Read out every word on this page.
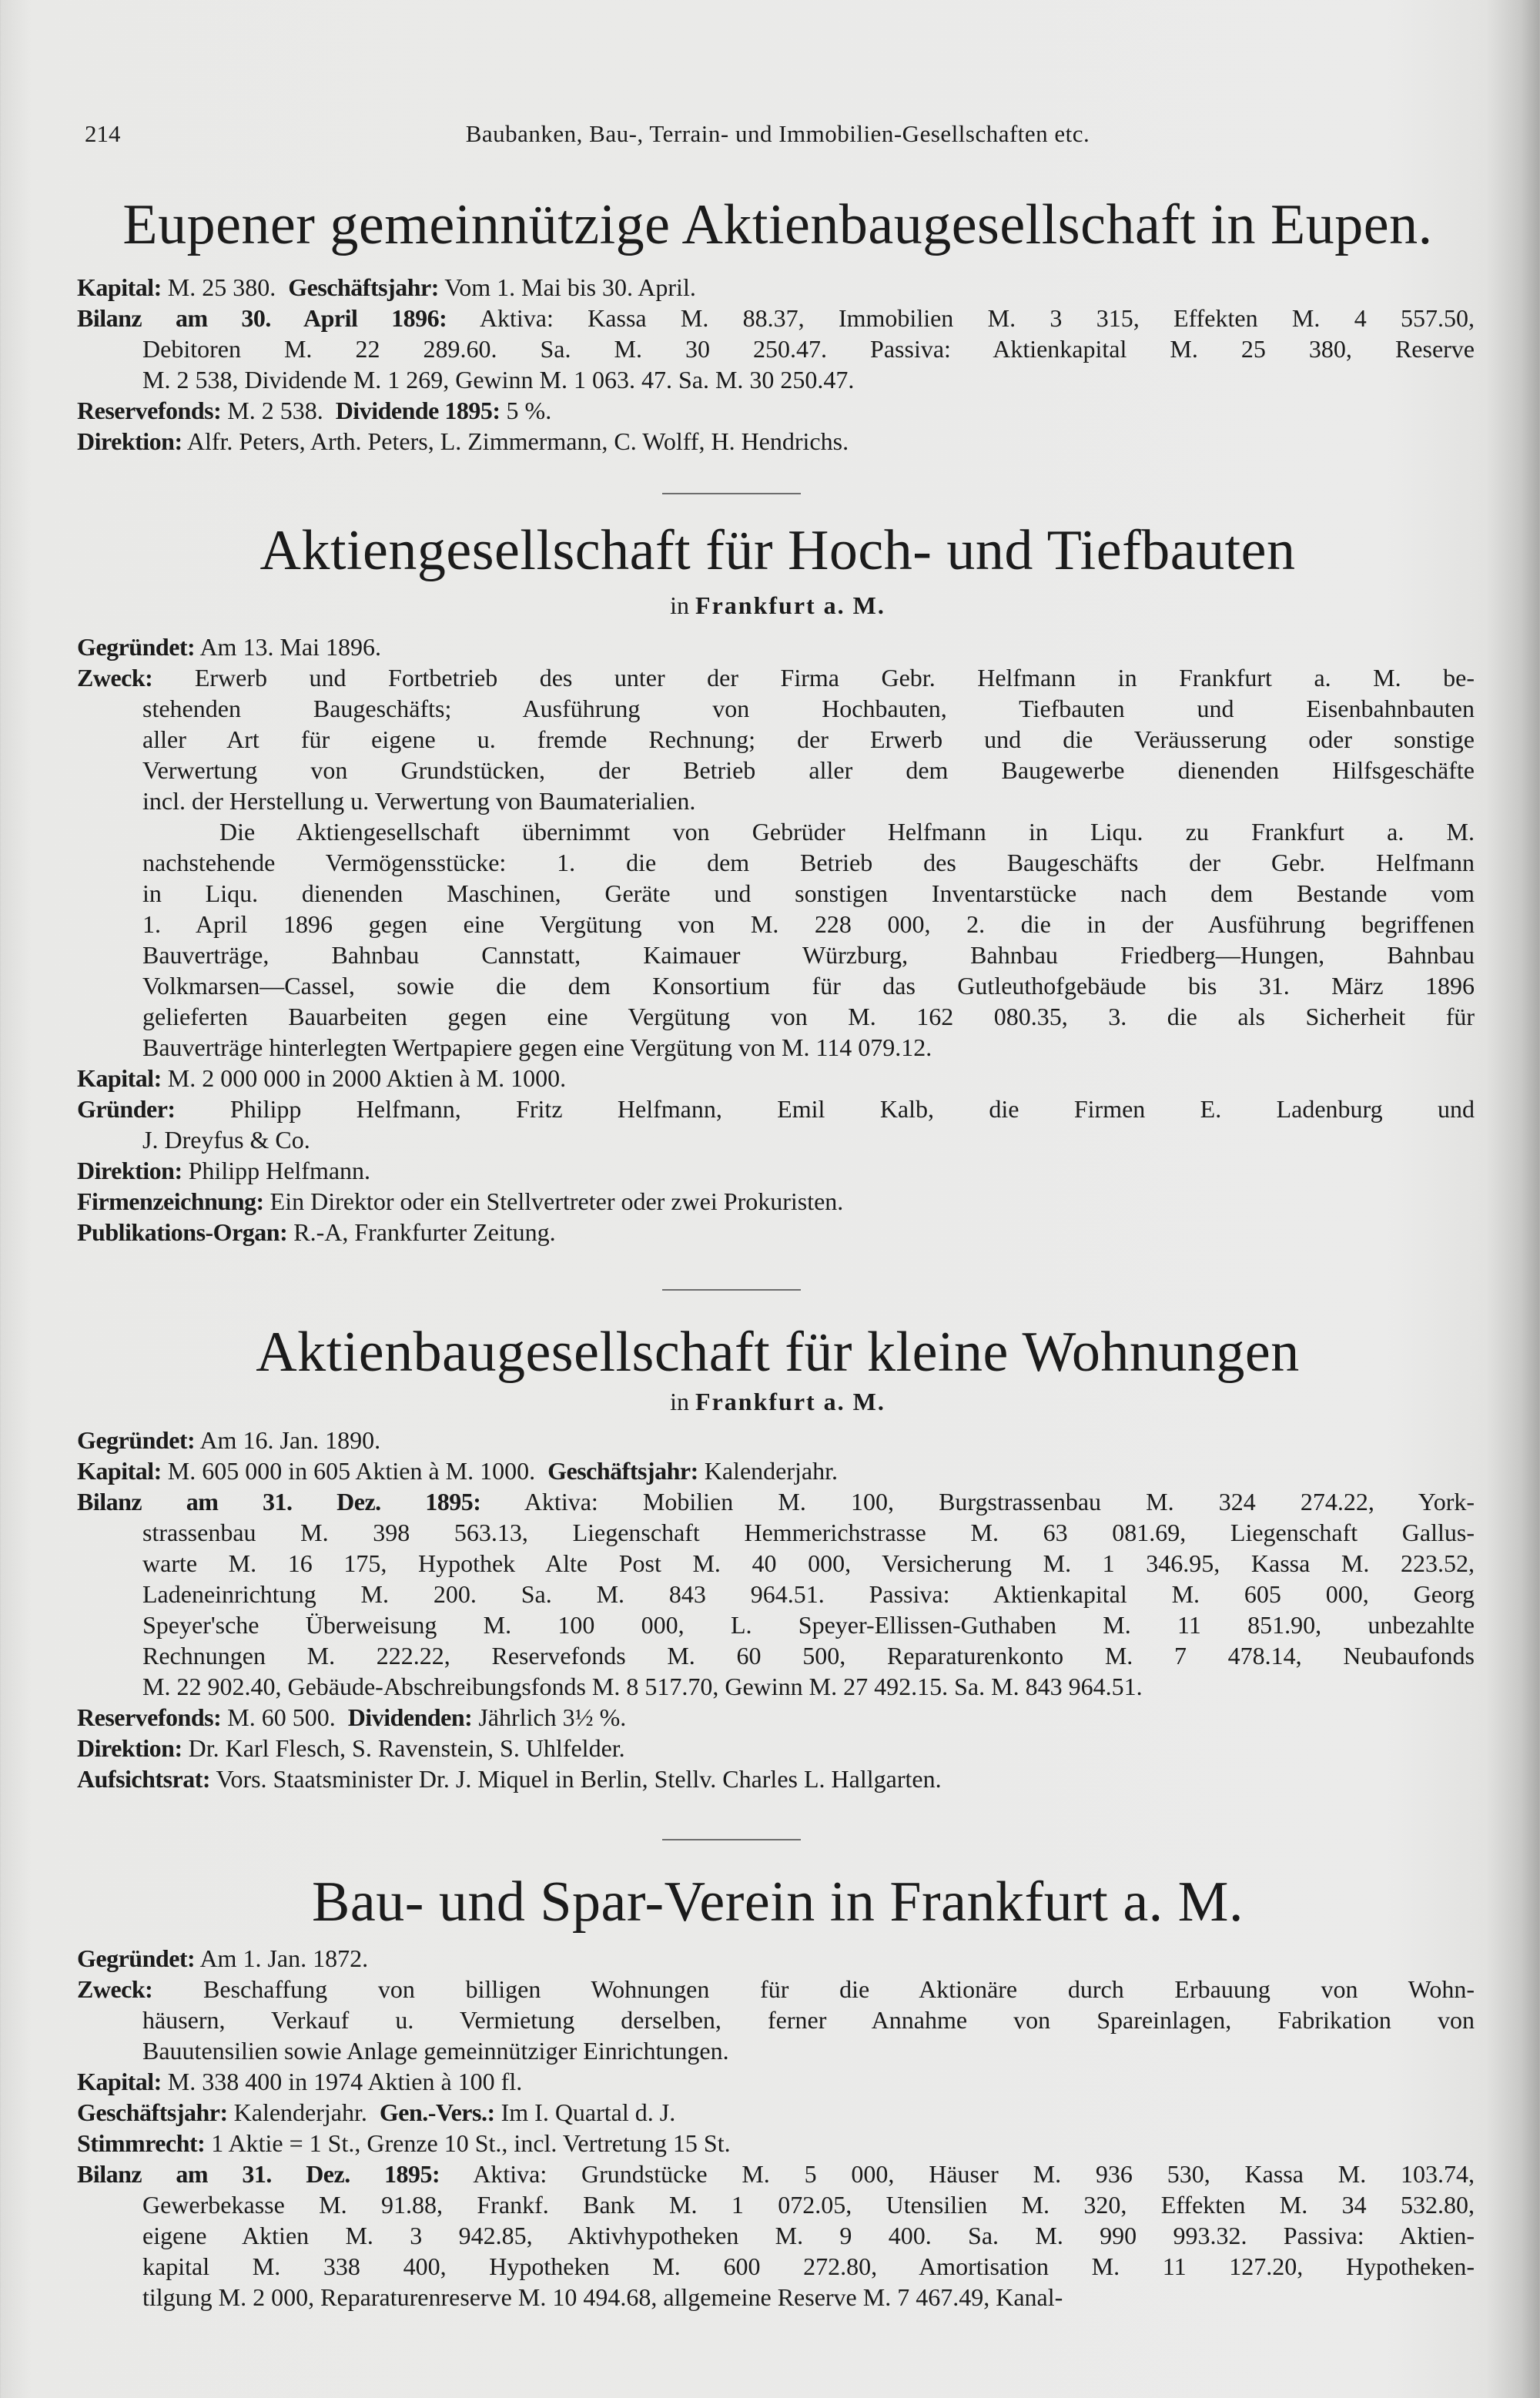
214	Baubanken, Bau-, Terrain- und Immobilien-Gesellschaften etc.
Eupener gemeinnützige Aktienbaugesellschaft in Eupen.
Kapital: M. 25 380.  Geschäftsjahr: Vom 1. Mai bis 30. April.
Bilanz am 30. April 1896: Aktiva: Kassa M. 88.37, Immobilien M. 3 315, Effekten M. 4 557.50,
Debitoren M. 22 289.60. Sa. M. 30 250.47. Passiva: Aktienkapital M. 25 380, Reserve
M. 2 538, Dividende M. 1 269, Gewinn M. 1 063. 47. Sa. M. 30 250.47.
Reservefonds: M. 2 538.  Dividende 1895: 5 %.
Direktion: Alfr. Peters, Arth. Peters, L. Zimmermann, C. Wolff, H. Hendrichs.
Aktiengesellschaft für Hoch- und Tiefbauten
in Frankfurt a. M.
Gegründet: Am 13. Mai 1896.
Zweck: Erwerb und Fortbetrieb des unter der Firma Gebr. Helfmann in Frankfurt a. M. be-
stehenden Baugeschäfts; Ausführung von Hochbauten, Tiefbauten und Eisenbahnbauten
aller Art für eigene u. fremde Rechnung; der Erwerb und die Veräusserung oder sonstige
Verwertung von Grundstücken, der Betrieb aller dem Baugewerbe dienenden Hilfsgeschäfte
incl. der Herstellung u. Verwertung von Baumaterialien.
Die Aktiengesellschaft übernimmt von Gebrüder Helfmann in Liqu. zu Frankfurt a. M.
nachstehende Vermögensstücke: 1. die dem Betrieb des Baugeschäfts der Gebr. Helfmann
in Liqu. dienenden Maschinen, Geräte und sonstigen Inventarstücke nach dem Bestande vom
1. April 1896 gegen eine Vergütung von M. 228 000, 2. die in der Ausführung begriffenen
Bauverträge, Bahnbau Cannstatt, Kaimauer Würzburg, Bahnbau Friedberg—Hungen, Bahnbau
Volkmarsen—Cassel, sowie die dem Konsortium für das Gutleuthofgebäude bis 31. März 1896
gelieferten Bauarbeiten gegen eine Vergütung von M. 162 080.35, 3. die als Sicherheit für
Bauverträge hinterlegten Wertpapiere gegen eine Vergütung von M. 114 079.12.
Kapital: M. 2 000 000 in 2000 Aktien à M. 1000.
Gründer: Philipp Helfmann, Fritz Helfmann, Emil Kalb, die Firmen E. Ladenburg und
J. Dreyfus & Co.
Direktion: Philipp Helfmann.
Firmenzeichnung: Ein Direktor oder ein Stellvertreter oder zwei Prokuristen.
Publikations-Organ: R.-A, Frankfurter Zeitung.
Aktienbaugesellschaft für kleine Wohnungen
in Frankfurt a. M.
Gegründet: Am 16. Jan. 1890.
Kapital: M. 605 000 in 605 Aktien à M. 1000.  Geschäftsjahr: Kalenderjahr.
Bilanz am 31. Dez. 1895: Aktiva: Mobilien M. 100, Burgstrassenbau M. 324 274.22, York-
strassenbau M. 398 563.13, Liegenschaft Hemmerichstrasse M. 63 081.69, Liegenschaft Gallus-
warte M. 16 175, Hypothek Alte Post M. 40 000, Versicherung M. 1 346.95, Kassa M. 223.52,
Ladeneinrichtung M. 200. Sa. M. 843 964.51. Passiva: Aktienkapital M. 605 000, Georg
Speyer'sche Überweisung M. 100 000, L. Speyer-Ellissen-Guthaben M. 11 851.90, unbezahlte
Rechnungen M. 222.22, Reservefonds M. 60 500, Reparaturenkonto M. 7 478.14, Neubaufonds
M. 22 902.40, Gebäude-Abschreibungsfonds M. 8 517.70, Gewinn M. 27 492.15. Sa. M. 843 964.51.
Reservefonds: M. 60 500.  Dividenden: Jährlich 3½ %.
Direktion: Dr. Karl Flesch, S. Ravenstein, S. Uhlfelder.
Aufsichtsrat: Vors. Staatsminister Dr. J. Miquel in Berlin, Stellv. Charles L. Hallgarten.
Bau- und Spar-Verein in Frankfurt a. M.
Gegründet: Am 1. Jan. 1872.
Zweck: Beschaffung von billigen Wohnungen für die Aktionäre durch Erbauung von Wohn-
häusern, Verkauf u. Vermietung derselben, ferner Annahme von Spareinlagen, Fabrikation von
Bauutensilien sowie Anlage gemeinnütziger Einrichtungen.
Kapital: M. 338 400 in 1974 Aktien à 100 fl.
Geschäftsjahr: Kalenderjahr.  Gen.-Vers.: Im I. Quartal d. J.
Stimmrecht: 1 Aktie = 1 St., Grenze 10 St., incl. Vertretung 15 St.
Bilanz am 31. Dez. 1895: Aktiva: Grundstücke M. 5 000, Häuser M. 936 530, Kassa M. 103.74,
Gewerbekasse M. 91.88, Frankf. Bank M. 1 072.05, Utensilien M. 320, Effekten M. 34 532.80,
eigene Aktien M. 3 942.85, Aktivhypotheken M. 9 400. Sa. M. 990 993.32. Passiva: Aktien-
kapital M. 338 400, Hypotheken M. 600 272.80, Amortisation M. 11 127.20, Hypotheken-
tilgung M. 2 000, Reparaturenreserve M. 10 494.68, allgemeine Reserve M. 7 467.49, Kanal-
